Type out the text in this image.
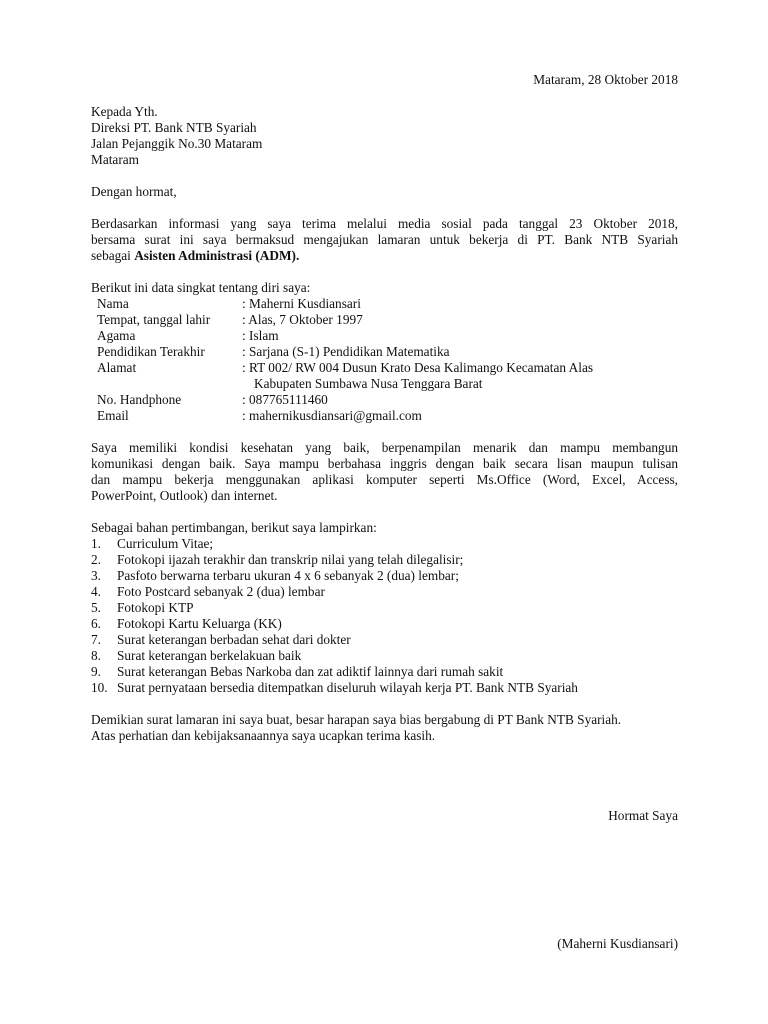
Mataram, 28 Oktober 2018
Kepada Yth.
Direksi PT. Bank NTB Syariah
Jalan Pejanggik No.30 Mataram
Mataram
Dengan hormat,
Berdasarkan informasi yang saya terima melalui media sosial pada tanggal 23 Oktober 2018,
bersama surat ini saya bermaksud mengajukan lamaran untuk bekerja di PT. Bank NTB Syariah
sebagai Asisten Administrasi (ADM).
Berikut ini data singkat tentang diri saya:
Nama	: Maherni Kusdiansari
Tempat, tanggal lahir	: Alas, 7 Oktober 1997
Agama	: Islam
Pendidikan Terakhir	: Sarjana (S-1) Pendidikan Matematika
Alamat	: RT 002/ RW 004 Dusun Krato Desa Kalimango Kecamatan Alas
Kabupaten Sumbawa Nusa Tenggara Barat

No. Handphone	: 087765111460
Email	: mahernikusdiansari@gmail.com
Saya memiliki kondisi kesehatan yang baik, berpenampilan menarik dan mampu membangun
komunikasi dengan baik. Saya mampu berbahasa inggris dengan baik secara lisan maupun tulisan
dan mampu bekerja menggunakan aplikasi komputer seperti Ms.Office (Word, Excel, Access,
PowerPoint, Outlook) dan internet.
Sebagai bahan pertimbangan, berikut saya lampirkan:
1. Curriculum Vitae;
2. Fotokopi ijazah terakhir dan transkrip nilai yang telah dilegalisir;
3. Pasfoto berwarna terbaru ukuran 4 x 6 sebanyak 2 (dua) lembar;
4. Foto Postcard sebanyak 2 (dua) lembar
5. Fotokopi KTP
6. Fotokopi Kartu Keluarga (KK)
7. Surat keterangan berbadan sehat dari dokter
8. Surat keterangan berkelakuan baik
9. Surat keterangan Bebas Narkoba dan zat adiktif lainnya dari rumah sakit
10. Surat pernyataan bersedia ditempatkan diseluruh wilayah kerja PT. Bank NTB Syariah
Demikian surat lamaran ini saya buat, besar harapan saya bias bergabung di PT Bank NTB Syariah.
Atas perhatian dan kebijaksanaannya saya ucapkan terima kasih.
Hormat Saya
(Maherni Kusdiansari)
